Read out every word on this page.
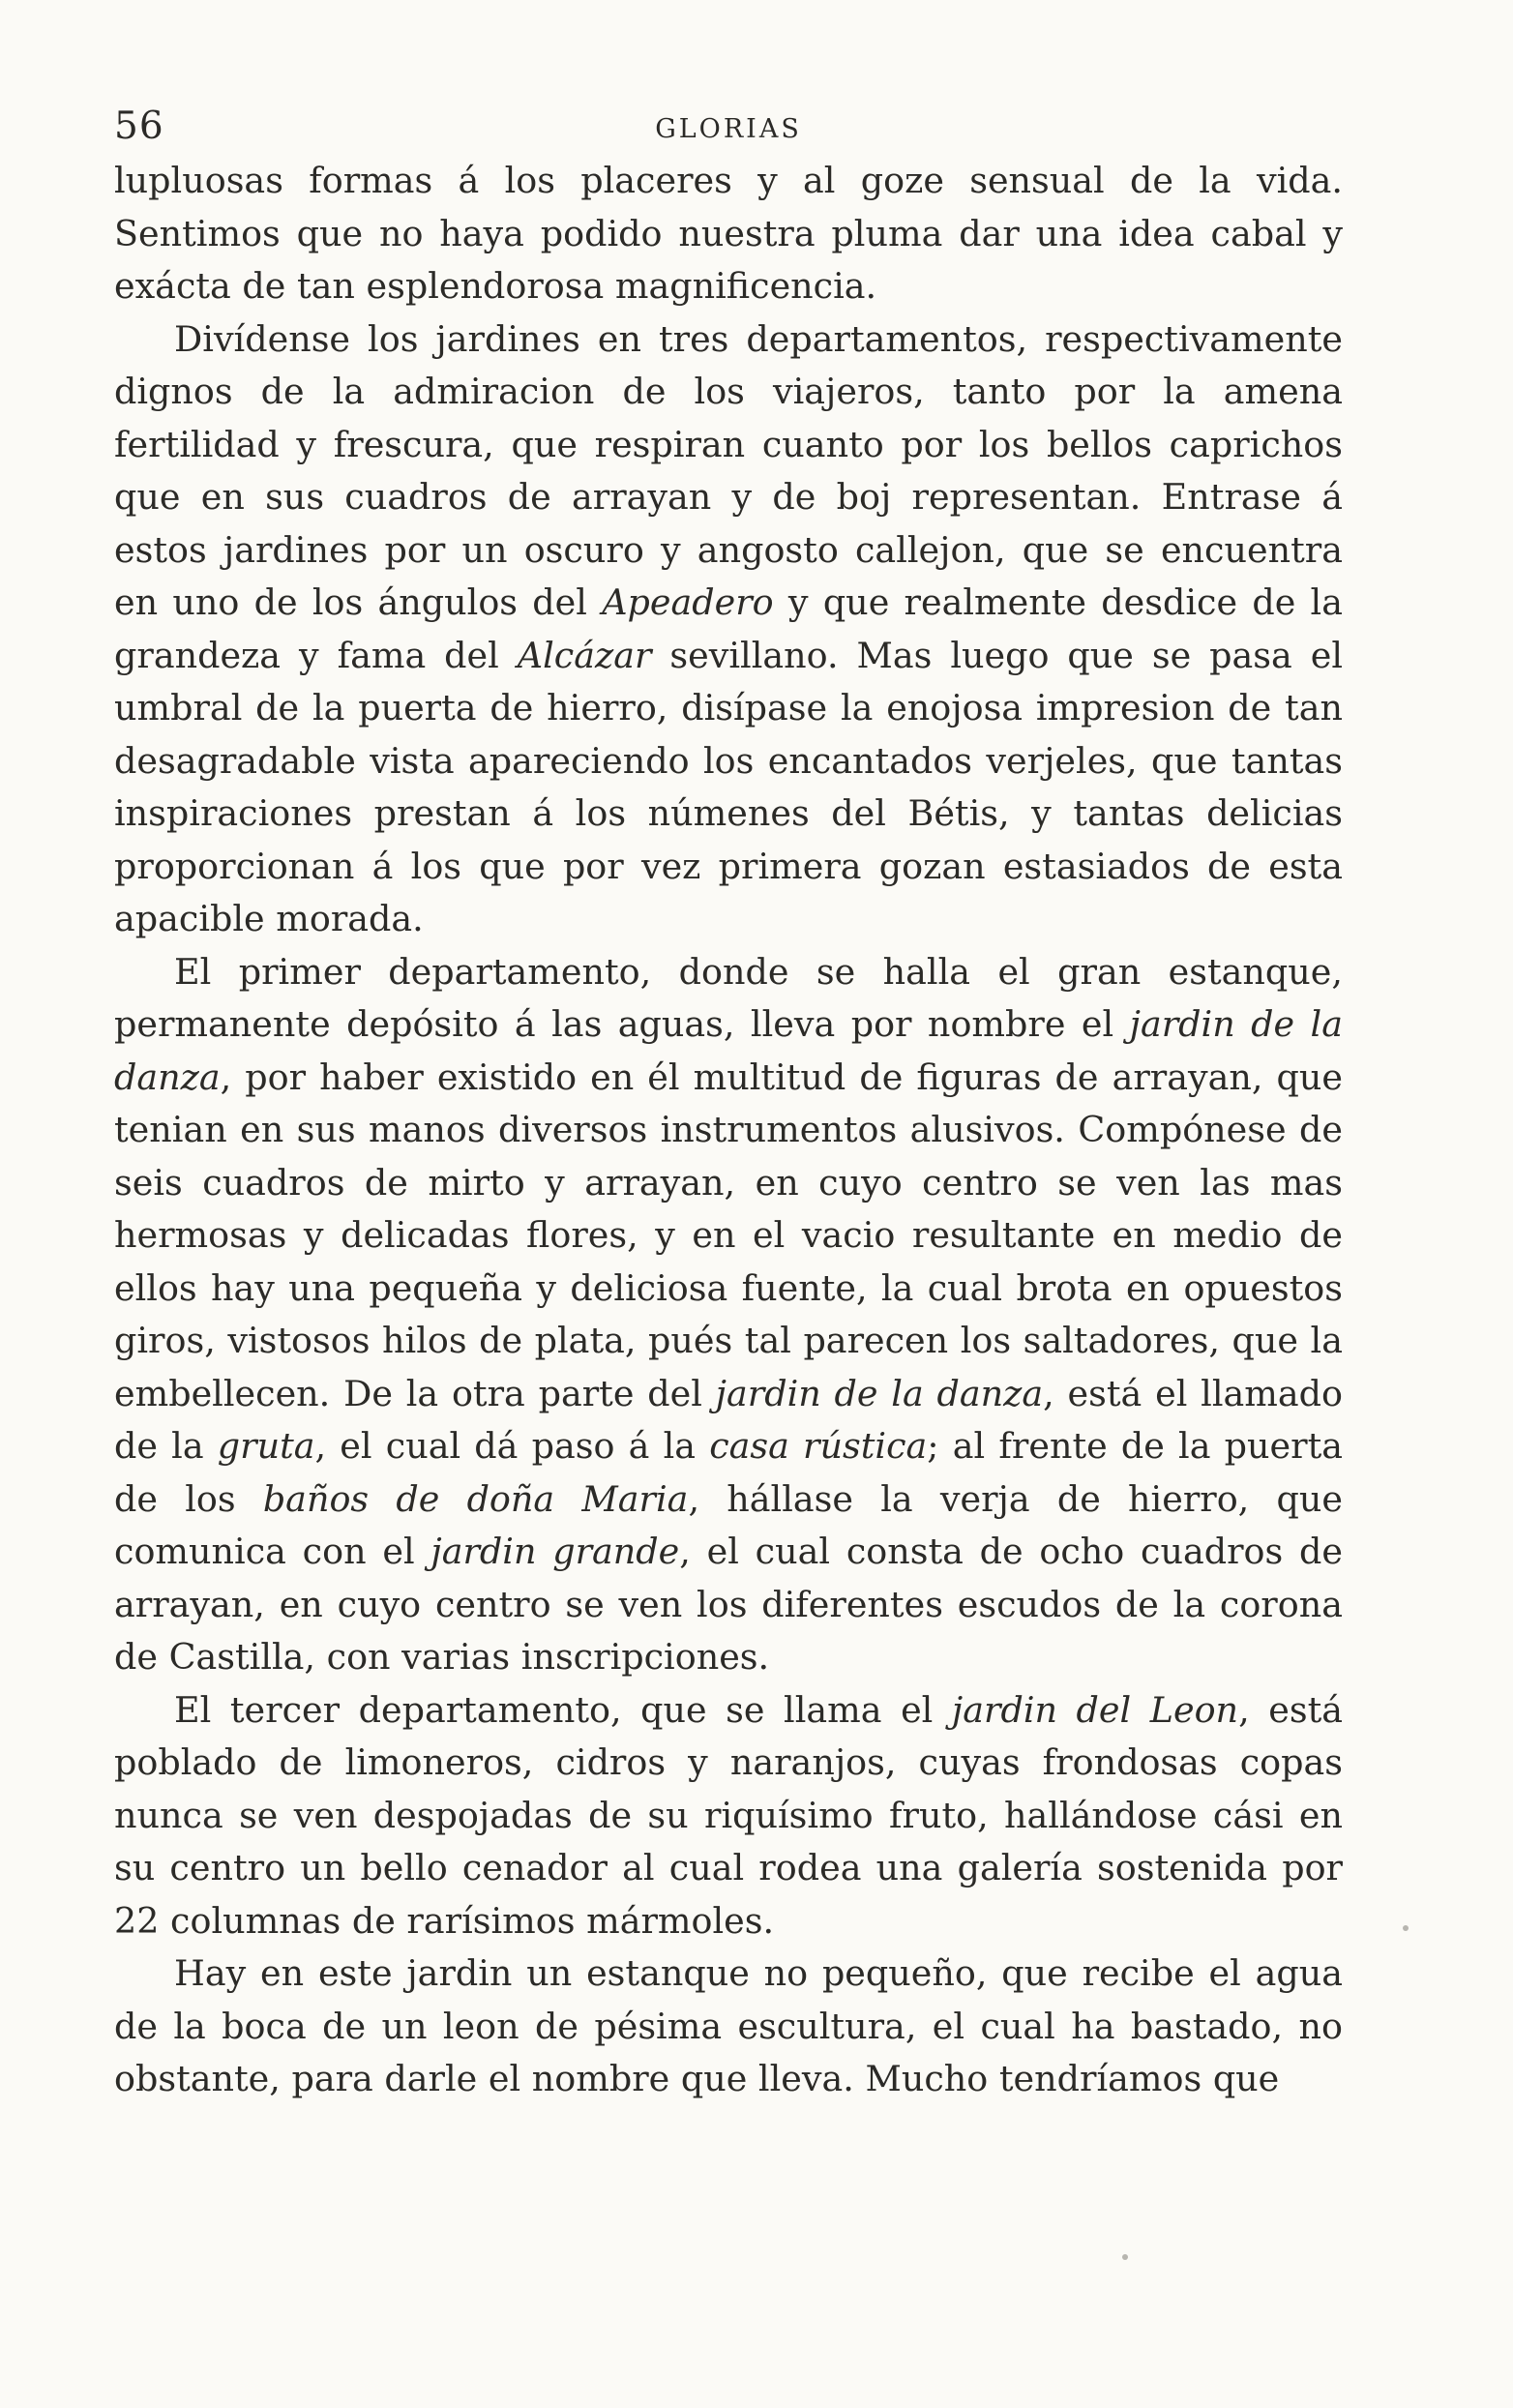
56	GLORIAS

lupluosas formas á los placeres y al goze sensual de la vida. Sentimos que no haya podido nuestra pluma dar una idea cabal y exácta de tan esplendorosa magnificencia.

Divídense los jardines en tres departamentos, respectivamente dignos de la admiracion de los viajeros, tanto por la amena fertilidad y frescura, que respiran cuanto por los bellos caprichos que en sus cuadros de arrayan y de boj representan. Entrase á estos jardines por un oscuro y angosto callejon, que se encuentra en uno de los ángulos del Apeadero y que realmente desdice de la grandeza y fama del Alcázar sevillano. Mas luego que se pasa el umbral de la puerta de hierro, disípase la enojosa impresion de tan desagradable vista apareciendo los encantados verjeles, que tantas inspiraciones prestan á los númenes del Bétis, y tantas delicias proporcionan á los que por vez primera gozan estasiados de esta apacible morada.

El primer departamento, donde se halla el gran estanque, permanente depósito á las aguas, lleva por nombre el jardin de la danza, por haber existido en él multitud de figuras de arrayan, que tenian en sus manos diversos instrumentos alusivos. Compónese de seis cuadros de mirto y arrayan, en cuyo centro se ven las mas hermosas y delicadas flores, y en el vacio resultante en medio de ellos hay una pequeña y deliciosa fuente, la cual brota en opuestos giros, vistosos hilos de plata, pués tal parecen los saltadores, que la embellecen. De la otra parte del jardin de la danza, está el llamado de la gruta, el cual dá paso á la casa rústica; al frente de la puerta de los baños de doña Maria, hállase la verja de hierro, que comunica con el jardin grande, el cual consta de ocho cuadros de arrayan, en cuyo centro se ven los diferentes escudos de la corona de Castilla, con varias inscripciones.

El tercer departamento, que se llama el jardin del Leon, está poblado de limoneros, cidros y naranjos, cuyas frondosas copas nunca se ven despojadas de su riquísimo fruto, hallándose cási en su centro un bello cenador al cual rodea una galería sostenida por 22 columnas de rarísimos mármoles.

Hay en este jardin un estanque no pequeño, que recibe el agua de la boca de un leon de pésima escultura, el cual ha bastado, no obstante, para darle el nombre que lleva. Mucho tendríamos que
